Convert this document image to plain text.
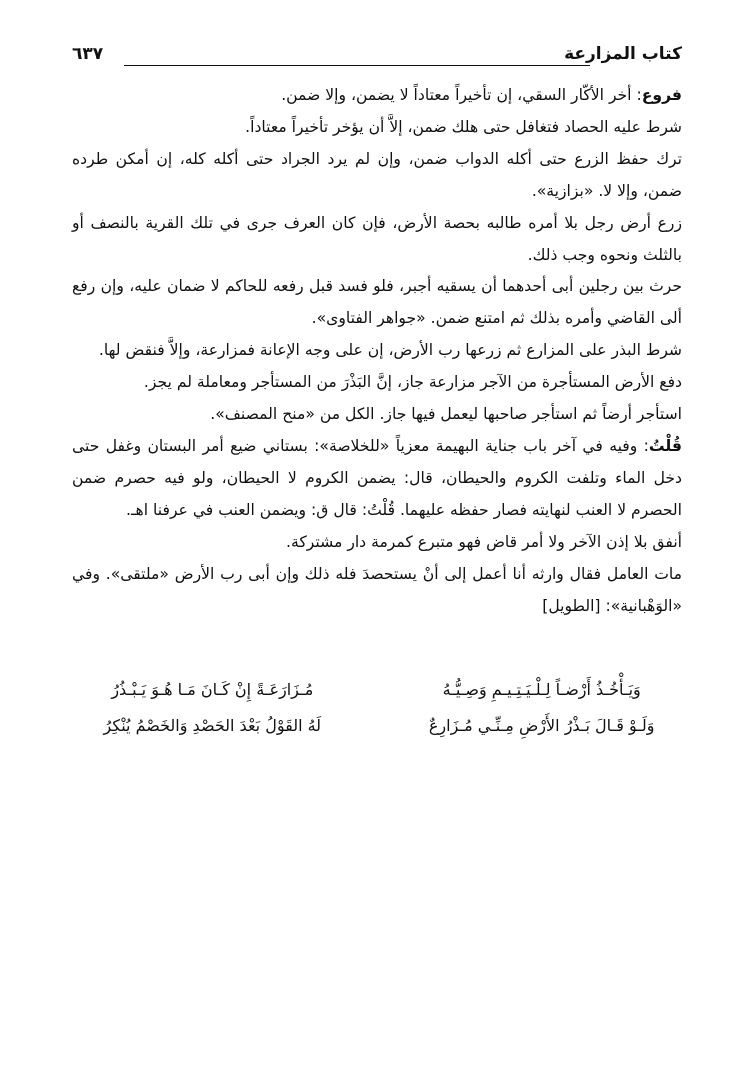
كتاب المزارعة
٦٣٧

فروع: أخر الأكّار السقي، إن تأخيراً معتاداً لا يضمن، وإلا ضمن.

شرط عليه الحصاد فتغافل حتى هلك ضمن، إلاَّ أن يؤخر تأخيراً معتاداً.

ترك حفظ الزرع حتى أكله الدواب ضمن، وإن لم يرد الجراد حتى أكله كله، إن أمكن طرده ضمن، وإلا لا. «بزازية».

زرع أرض رجل بلا أمره طالبه بحصة الأرض، فإن كان العرف جرى في تلك القرية بالنصف أو بالثلث ونحوه وجب ذلك.

حرث بين رجلين أبى أحدهما أن يسقيه أجبر، فلو فسد قبل رفعه للحاكم لا ضمان عليه، وإن رفع ألى القاضي وأمره بذلك ثم امتنع ضمن. «جواهر الفتاوى».

شرط البذر على المزارع ثم زرعها رب الأرض، إن على وجه الإعانة فمزارعة، وإلاَّ فنقض لها.

دفع الأرض المستأجرة من الآجر مزارعة جاز، إنَّ البَذْرَ من المستأجر ومعاملة لم يجز.

استأجر أرضاً ثم استأجر صاحبها ليعمل فيها جاز. الكل من «منح المصنف».

قُلْتُ: وفيه في آخر باب جناية البهيمة معزياً «للخلاصة»: بستاني ضيع أمر البستان وغفل حتى دخل الماء وتلفت الكروم والحيطان، قال: يضمن الكروم لا الحيطان، ولو فيه حصرم ضمن الحصرم لا العنب لنهايته فصار حفظه عليهما. قُلْتُ: قال ق: ويضمن العنب في عرفنا اهـ.

أنفق بلا إذن الآخر ولا أمر قاض فهو متبرع كمرمة دار مشتركة.

مات العامل فقال وارثه أنا أعمل إلى أنْ يستحصدَ فله ذلك وإن أبى رب الأرض «ملتقى». وفي «الوَهْبانية»: [الطويل]

وَيَـأْخُـذُ أَرْضـاً لِـلْـيَـتِـيـمِ وَصِـيُّـهُ
مُـزَارَعَـةً إِنْ كَـانَ مَـا هُـوَ يَـبْـذُرُ
وَلَـوْ قَـالَ بَـذْرُ الأَرْضِ مِـنِّـي مُـزَارِعٌ
لَهُ القَوْلُ بَعْدَ الحَصْدِ وَالخَصْمُ يُنْكِرُ
